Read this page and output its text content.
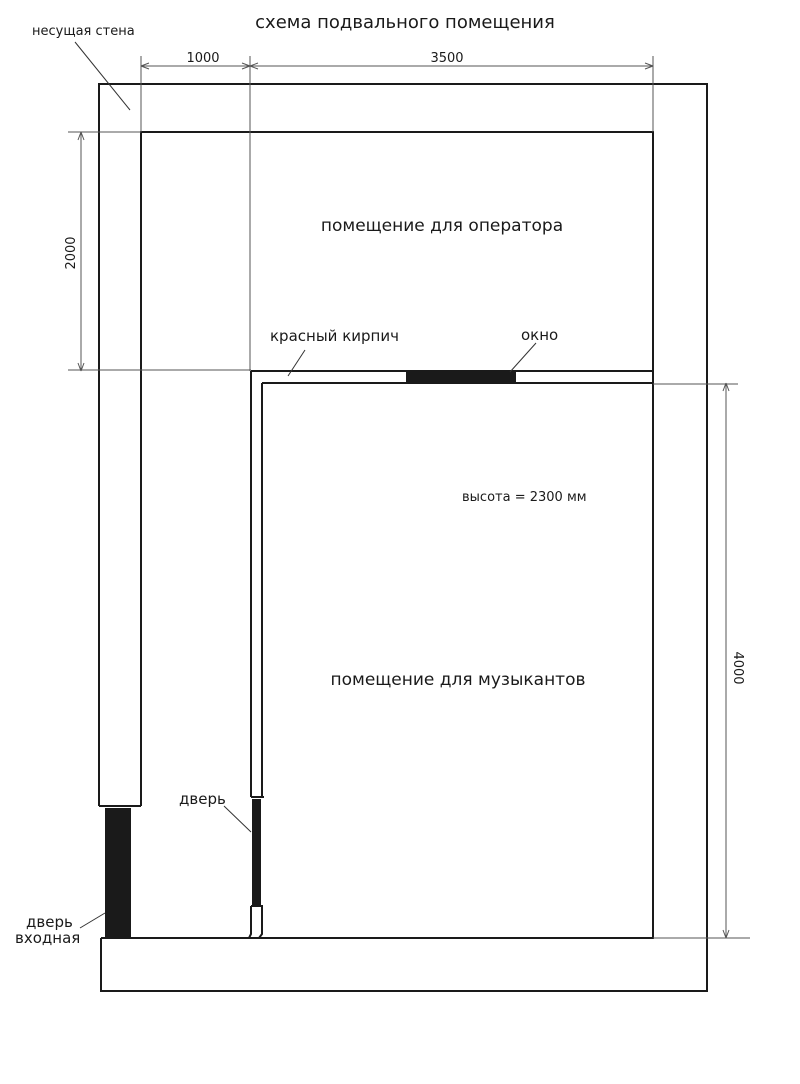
схема подвального помещения
1000	3500
2000
4000
несущая стена
помещение для оператора
красный кирпич	окно
высота = 2300 мм
помещение для музыкантов
дверь
дверь
входная
